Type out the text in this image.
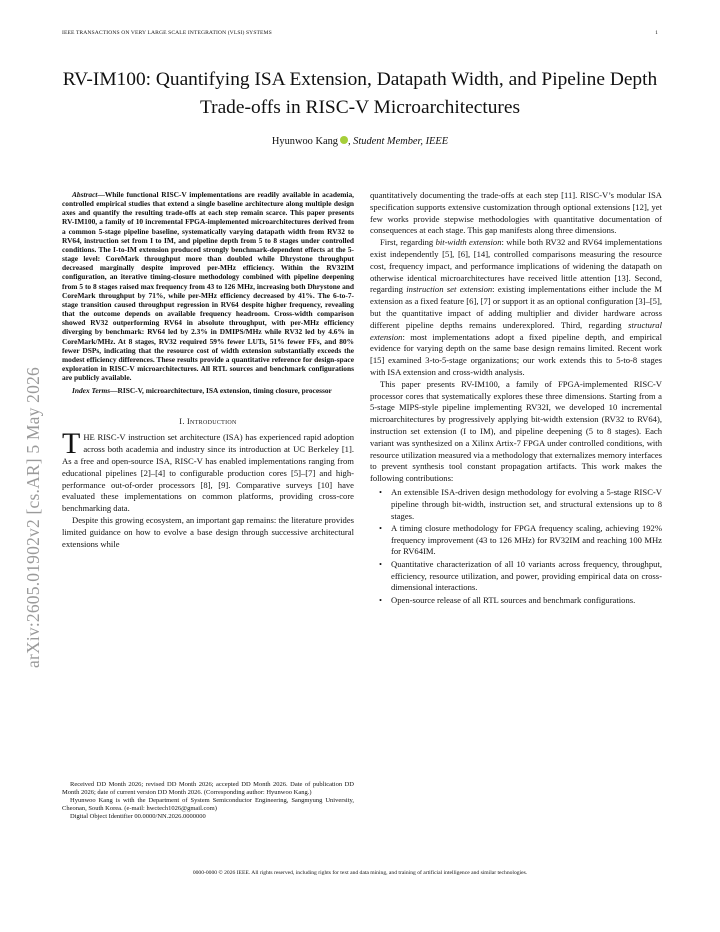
IEEE TRANSACTIONS ON VERY LARGE SCALE INTEGRATION (VLSI) SYSTEMS	1
arXiv:2605.01902v2 [cs.AR] 5 May 2026
RV-IM100: Quantifying ISA Extension, Datapath Width, and Pipeline Depth Trade-offs in RISC-V Microarchitectures
Hyunwoo Kang , Student Member, IEEE

Abstract—While functional RISC-V implementations are readily available in academia, controlled empirical studies that extend a single baseline architecture along multiple design axes and quantify the resulting trade-offs at each step remain scarce. This paper presents RV-IM100, a family of 10 incremental FPGA-implemented microarchitectures derived from a common 5-stage pipeline baseline, systematically varying datapath width from RV32 to RV64, instruction set from I to IM, and pipeline depth from 5 to 8 stages under controlled conditions. The I-to-IM extension produced strongly benchmark-dependent effects at the 5-stage level: CoreMark throughput more than doubled while Dhrystone throughput decreased marginally despite improved per-MHz efficiency. Within the RV32IM configuration, an iterative timing-closure methodology combined with pipeline deepening from 5 to 8 stages raised max frequency from 43 to 126 MHz, increasing both Dhrystone and CoreMark throughput by 71%, while per-MHz efficiency decreased by 41%. The 6-to-7-stage transition caused throughput regression in RV64 despite higher frequency, revealing that the outcome depends on available frequency headroom. Cross-width comparison showed RV32 outperforming RV64 in absolute throughput, with per-MHz efficiency diverging by benchmark: RV64 led by 2.3% in DMIPS/MHz while RV32 led by 4.6% in CoreMark/MHz. At 8 stages, RV32 required 59% fewer LUTs, 51% fewer FFs, and 80% fewer DSPs, indicating that the resource cost of width extension substantially exceeds the modest efficiency differences. These results provide a quantitative reference for design-space exploration in RISC-V microarchitectures. All RTL sources and benchmark configurations are publicly available.

Index Terms—RISC-V, microarchitecture, ISA extension, timing closure, processor

I. Introduction

THE RISC-V instruction set architecture (ISA) has experienced rapid adoption across both academia and industry since its introduction at UC Berkeley [1]. As a free and open-source ISA, RISC-V has enabled implementations ranging from educational pipelines [2]–[4] to configurable production cores [5]–[7] and high-performance out-of-order processors [8], [9]. Comparative surveys [10] have evaluated these implementations on common platforms, providing cross-core benchmarking data.

Despite this growing ecosystem, an important gap remains: the literature provides limited guidance on how to evolve a base design through successive architectural extensions while

Received DD Month 2026; revised DD Month 2026; accepted DD Month 2026. Date of publication DD Month 2026; date of current version DD Month 2026. (Corresponding author: Hyunwoo Kang.)

Hyunwoo Kang is with the Department of System Semiconductor Engineering, Sangmyung University, Cheonan, South Korea. (e-mail: hwctech1026@gmail.com)

Digital Object Identifier 00.0000/NN.2026.0000000

quantitatively documenting the trade-offs at each step [11]. RISC-V’s modular ISA specification supports extensive customization through optional extensions [12], yet few works provide stepwise methodologies with quantitative documentation of consequences at each stage. This gap manifests along three dimensions.

First, regarding bit-width extension: while both RV32 and RV64 implementations exist independently [5], [6], [14], controlled comparisons measuring the resource cost, frequency impact, and performance implications of widening the datapath on otherwise identical microarchitectures have received little attention [13]. Second, regarding instruction set extension: existing implementations either include the M extension as a fixed feature [6], [7] or support it as an optional configuration [3]–[5], but the quantitative impact of adding multiplier and divider hardware across different pipeline depths remains underexplored. Third, regarding structural extension: most implementations adopt a fixed pipeline depth, and empirical evidence for varying depth on the same base design remains limited. Recent work [15] examined 3-to-5-stage organizations; our work extends this to 5-to-8 stages with ISA extension and cross-width analysis.

This paper presents RV-IM100, a family of FPGA-implemented RISC-V processor cores that systematically explores these three dimensions. Starting from a 5-stage MIPS-style pipeline implementing RV32I, we developed 10 incremental microarchitectures by progressively applying bit-width extension (RV32 to RV64), instruction set extension (I to IM), and pipeline deepening (5 to 8 stages). Each variant was synthesized on a Xilinx Artix-7 FPGA under controlled conditions, with resource utilization measured via a methodology that externalizes memory interfaces to prevent synthesis tool constant propagation artifacts. This work makes the following contributions:

• An extensible ISA-driven design methodology for evolving a 5-stage RISC-V pipeline through bit-width, instruction set, and structural extensions up to 8 stages.
• A timing closure methodology for FPGA frequency scaling, achieving 192% frequency improvement (43 to 126 MHz) for RV32IM and reaching 100 MHz for RV64IM.
• Quantitative characterization of all 10 variants across frequency, throughput, efficiency, resource utilization, and power, providing empirical data on cross-dimensional interactions.
• Open-source release of all RTL sources and benchmark configurations.
0000-0000 © 2026 IEEE. All rights reserved, including rights for text and data mining, and training of artificial intelligence and similar technologies.
